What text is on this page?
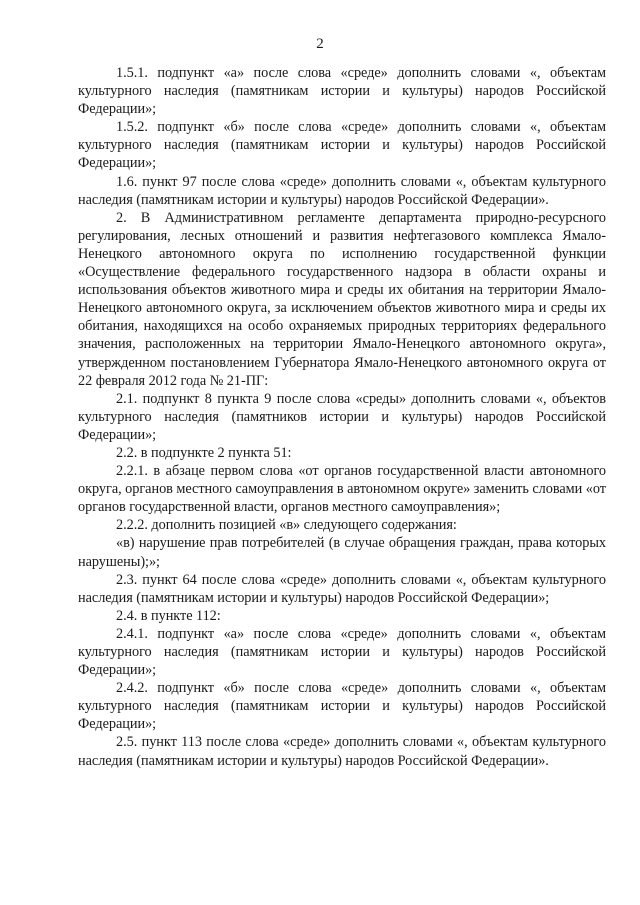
2

1.5.1. подпункт «а» после слова «среде» дополнить словами «, объектам культурного наследия (памятникам истории и культуры) народов Российской Федерации»;

1.5.2. подпункт «б» после слова «среде» дополнить словами «, объектам культурного наследия (памятникам истории и культуры) народов Российской Федерации»;

1.6. пункт 97 после слова «среде» дополнить словами «, объектам культурного наследия (памятникам истории и культуры) народов Российской Федерации».

2. В Административном регламенте департамента природно-ресурсного регулирования, лесных отношений и развития нефтегазового комплекса Ямало-Ненецкого автономного округа по исполнению государственной функции «Осуществление федерального государственного надзора в области охраны и использования объектов животного мира и среды их обитания на территории Ямало-Ненецкого автономного округа, за исключением объектов животного мира и среды их обитания, находящихся на особо охраняемых природных территориях федерального значения, расположенных на территории Ямало-Ненецкого автономного округа», утвержденном постановлением Губернатора Ямало-Ненецкого автономного округа от 22 февраля 2012 года № 21-ПГ:

2.1. подпункт 8 пункта 9 после слова «среды» дополнить словами «, объектов культурного наследия (памятников истории и культуры) народов Российской Федерации»;

2.2. в подпункте 2 пункта 51:

2.2.1. в абзаце первом слова «от органов государственной власти автономного округа, органов местного самоуправления в автономном округе» заменить словами «от органов государственной власти, органов местного самоуправления»;

2.2.2. дополнить позицией «в» следующего содержания:

«в) нарушение прав потребителей (в случае обращения граждан, права которых нарушены);»;

2.3. пункт 64 после слова «среде» дополнить словами «, объектам культурного наследия (памятникам истории и культуры) народов Российской Федерации»;

2.4. в пункте 112:

2.4.1. подпункт «а» после слова «среде» дополнить словами «, объектам культурного наследия (памятникам истории и культуры) народов Российской Федерации»;

2.4.2. подпункт «б» после слова «среде» дополнить словами «, объектам культурного наследия (памятникам истории и культуры) народов Российской Федерации»;

2.5. пункт 113 после слова «среде» дополнить словами «, объектам культурного наследия (памятникам истории и культуры) народов Российской Федерации».
